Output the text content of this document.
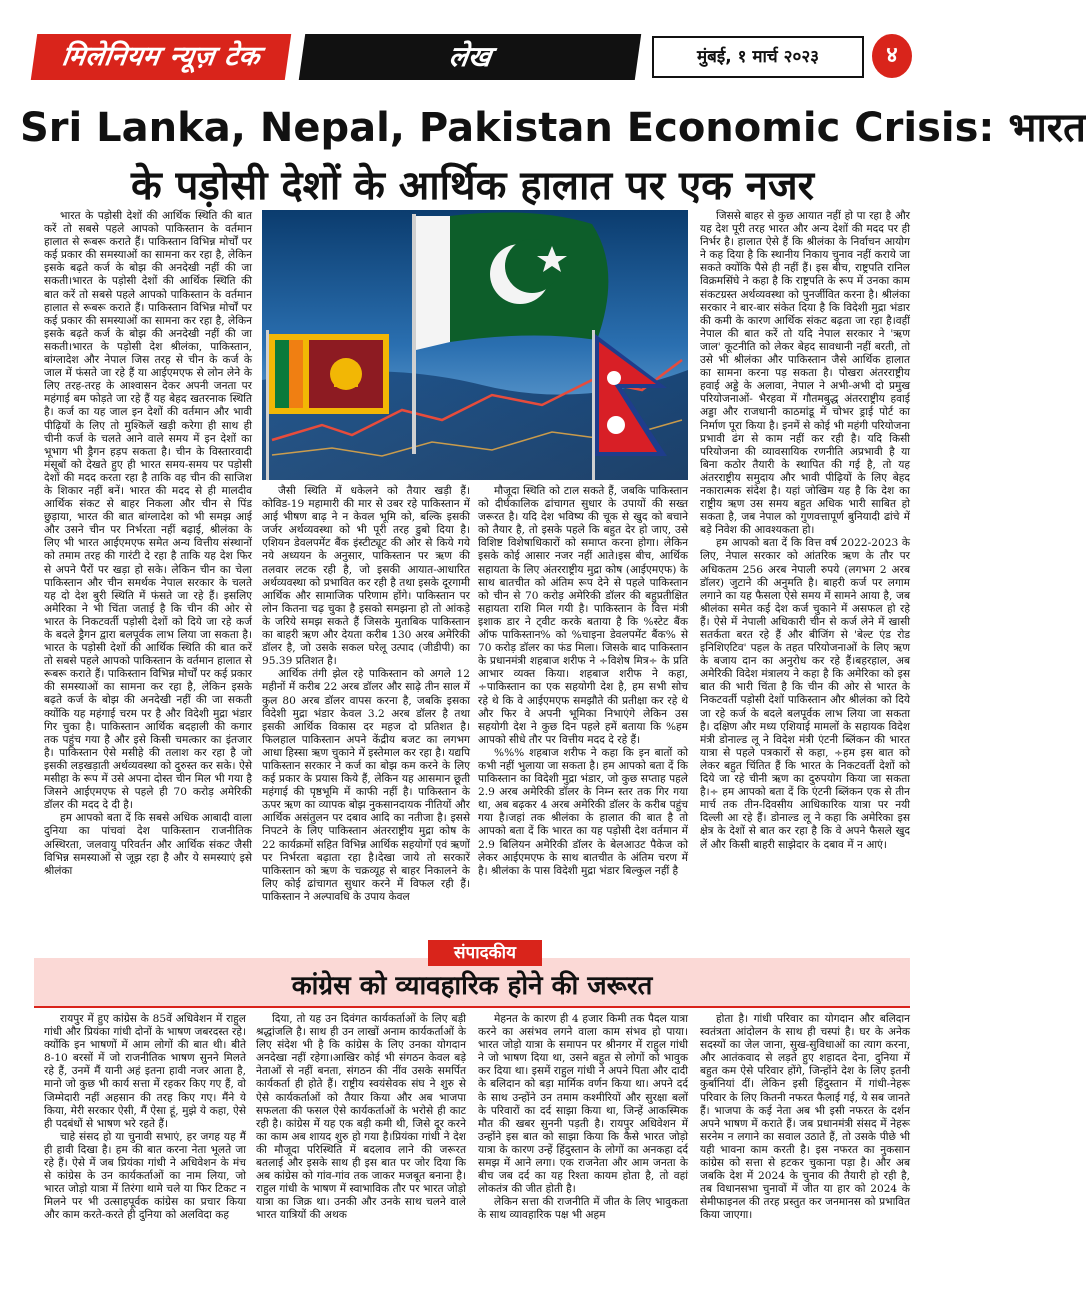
मिलेनियम न्यूज़ टेक	लेख	मुंबई, १ मार्च २०२३	४
Sri Lanka, Nepal, Pakistan Economic Crisis: भारत
के पड़ोसी देशों के आर्थिक हालात पर एक नजर

भारत के पड़ोसी देशों की आर्थिक स्थिति की बात करें तो सबसे पहले आपको पाकिस्तान के वर्तमान हालात से रूबरू कराते हैं। पाकिस्तान विभिन्न मोर्चों पर कई प्रकार की समस्याओं का सामना कर रहा है, लेकिन इसके बढ़ते कर्ज के बोझ की अनदेखी नहीं की जा सकती।भारत के पड़ोसी देशों की आर्थिक स्थिति की बात करें तो सबसे पहले आपको पाकिस्तान के वर्तमान हालात से रूबरू कराते हैं। पाकिस्तान विभिन्न मोर्चों पर कई प्रकार की समस्याओं का सामना कर रहा है, लेकिन इसके बढ़ते कर्ज के बोझ की अनदेखी नहीं की जा सकती।भारत के पड़ोसी देश श्रीलंका, पाकिस्तान, बांग्लादेश और नेपाल जिस तरह से चीन के कर्ज के जाल में फंसते जा रहे हैं या आईएमएफ से लोन लेने के लिए तरह-तरह के आश्वासन देकर अपनी जनता पर महंगाई बम फोड़ते जा रहे हैं यह बेहद खतरनाक स्थिति है। कर्ज का यह जाल इन देशों की वर्तमान और भावी पीढ़ियों के लिए तो मुश्किलें खड़ी करेगा ही साथ ही चीनी कर्ज के चलते आने वाले समय में इन देशों का भूभाग भी ड्रैगन हड़प सकता है। चीन के विस्तारवादी मंसूबों को देखते हुए ही भारत समय-समय पर पड़ोसी देशों की मदद करता रहा है ताकि वह चीन की साजिश के शिकार नहीं बनें। भारत की मदद से ही मालदीव आर्थिक संकट से बाहर निकला और चीन से पिंड छुड़ाया, भारत की बात बांग्लादेश को भी समझ आई और उसने चीन पर निर्भरता नहीं बढ़ाई, श्रीलंका के लिए भी भारत आईएमएफ समेत अन्य वित्तीय संस्थानों को तमाम तरह की गारंटी दे रहा है ताकि यह देश फिर से अपने पैरों पर खड़ा हो सके। लेकिन चीन का चेला पाकिस्तान और चीन समर्थक नेपाल सरकार के चलते यह दो देश बुरी स्थिति में फंसते जा रहे हैं। इसलिए अमेरिका ने भी चिंता जताई है कि चीन की ओर से भारत के निकटवर्ती पड़ोसी देशों को दिये जा रहे कर्ज के बदले ड्रैगन द्वारा बलपूर्वक लाभ लिया जा सकता है।भारत के पड़ोसी देशों की आर्थिक स्थिति की बात करें तो सबसे पहले आपको पाकिस्तान के वर्तमान हालात से रूबरू कराते हैं। पाकिस्तान विभिन्न मोर्चों पर कई प्रकार की समस्याओं का सामना कर रहा है, लेकिन इसके बढ़ते कर्ज के बोझ की अनदेखी नहीं की जा सकती क्योंकि यह महंगाई चरम पर है और विदेशी मुद्रा भंडार गिर चुका है। पाकिस्तान आर्थिक बदहाली की कगार तक पहुंच गया है और इसे किसी चमत्कार का इंतजार है। पाकिस्तान ऐसे मसीहे की तलाश कर रहा है जो इसकी लड़खड़ाती अर्थव्यवस्था को दुरुस्त कर सके। ऐसे मसीहा के रूप में उसे अपना दोस्त चीन मिल भी गया है जिसने आईएमएफ से पहले ही 70 करोड़ अमेरिकी डॉलर की मदद दे दी है।

हम आपको बता दें कि सबसे अधिक आबादी वाला दुनिया का पांचवां देश पाकिस्तान राजनीतिक अस्थिरता, जलवायु परिवर्तन और आर्थिक संकट जैसी विभिन्न समस्याओं से जूझ रहा है और ये समस्याएं इसे श्रीलंका

जैसी स्थिति में धकेलने को तैयार खड़ी हैं। कोविड-19 महामारी की मार से उबर रहे पाकिस्तान में आई भीषण बाढ़ ने न केवल भूमि को, बल्कि इसकी जर्जर अर्थव्यवस्था को भी पूरी तरह डुबो दिया है। एशियन डेवलपमेंट बैंक इंस्टीट्यूट की ओर से किये गये नये अध्ययन के अनुसार, पाकिस्तान पर ऋण की तलवार लटक रही है, जो इसकी आयात-आधारित अर्थव्यवस्था को प्रभावित कर रही है तथा इसके दूरगामी आर्थिक और सामाजिक परिणाम होंगे। पाकिस्तान पर लोन कितना चढ़ चुका है इसको समझना हो तो आंकड़े के जरिये समझ सकते हैं जिसके मुताबिक पाकिस्तान का बाहरी ऋण और देयता करीब 130 अरब अमेरिकी डॉलर है, जो उसके सकल घरेलू उत्पाद (जीडीपी) का 95.39 प्रतिशत है।

आर्थिक तंगी झेल रहे पाकिस्तान को अगले 12 महीनों में करीब 22 अरब डॉलर और साढ़े तीन साल में कुल 80 अरब डॉलर वापस करना है, जबकि इसका विदेशी मुद्रा भंडार केवल 3.2 अरब डॉलर है तथा इसकी आर्थिक विकास दर महज दो प्रतिशत है। फिलहाल पाकिस्तान अपने केंद्रीय बजट का लगभग आधा हिस्सा ऋण चुकाने में इस्तेमाल कर रहा है। यद्यपि पाकिस्तान सरकार ने कर्ज का बोझ कम करने के लिए कई प्रकार के प्रयास किये हैं, लेकिन यह आसमान छूती महंगाई की पृष्ठभूमि में काफी नहीं है। पाकिस्तान के ऊपर ऋण का व्यापक बोझ नुकसानदायक नीतियों और आर्थिक असंतुलन पर दबाव आदि का नतीजा है। इससे निपटने के लिए पाकिस्तान अंतरराष्ट्रीय मुद्रा कोष के 22 कार्यक्रमों सहित विभिन्न आर्थिक सहयोगों एवं ऋणों पर निर्भरता बढ़ाता रहा है।देखा जाये तो सरकारें पाकिस्तान को ऋण के चक्रव्यूह से बाहर निकालने के लिए कोई ढांचागत सुधार करने में विफल रही हैं। पाकिस्तान ने अल्पावधि के उपाय केवल

मौजूदा स्थिति को टाल सकते हैं, जबकि पाकिस्तान को दीर्घकालिक ढांचागत सुधार के उपायों की सख्त जरूरत है। यदि देश भविष्य की चूक से खुद को बचाने को तैयार है, तो इसके पहले कि बहुत देर हो जाए, उसे विशिष्ट विशेषाधिकारों को समाप्त करना होगा। लेकिन इसके कोई आसार नजर नहीं आते।इस बीच, आर्थिक सहायता के लिए अंतरराष्ट्रीय मुद्रा कोष (आईएमएफ) के साथ बातचीत को अंतिम रूप देने से पहले पाकिस्तान को चीन से 70 करोड़ अमेरिकी डॉलर की बहुप्रतीक्षित सहायता राशि मिल गयी है। पाकिस्तान के वित्त मंत्री इशाक डार ने ट्वीट करके बताया है कि %स्टेट बैंक ऑफ पाकिस्तान% को %चाइना डेवलपमेंट बैंक% से 70 करोड़ डॉलर का फंड मिला। जिसके बाद पाकिस्तान के प्रधानमंत्री शहबाज शरीफ ने ÷विशेष मित्र÷ के प्रति आभार व्यक्त किया। शहबाज शरीफ ने कहा, ÷पाकिस्तान का एक सहयोगी देश है, हम सभी सोच रहे थे कि वे आईएमएफ समझौते की प्रतीक्षा कर रहे थे और फिर वे अपनी भूमिका निभाएंगे लेकिन उस सहयोगी देश ने कुछ दिन पहले हमें बताया कि %हम आपको सीधे तौर पर वित्तीय मदद दे रहे हैं।

%%% शहबाज शरीफ ने कहा कि इन बातों को कभी नहीं भुलाया जा सकता है। हम आपको बता दें कि पाकिस्तान का विदेशी मुद्रा भंडार, जो कुछ सप्ताह पहले 2.9 अरब अमेरिकी डॉलर के निम्न स्तर तक गिर गया था, अब बढ़कर 4 अरब अमेरिकी डॉलर के करीब पहुंच गया है।जहां तक श्रीलंका के हालात की बात है तो आपको बता दें कि भारत का यह पड़ोसी देश वर्तमान में 2.9 बिलियन अमेरिकी डॉलर के बेलआउट पैकेज को लेकर आईएमएफ के साथ बातचीत के अंतिम चरण में है। श्रीलंका के पास विदेशी मुद्रा भंडार बिल्कुल नहीं है

जिससे बाहर से कुछ आयात नहीं हो पा रहा है और यह देश पूरी तरह भारत और अन्य देशों की मदद पर ही निर्भर है। हालात ऐसे हैं कि श्रीलंका के निर्वाचन आयोग ने कह दिया है कि स्थानीय निकाय चुनाव नहीं कराये जा सकते क्योंकि पैसे ही नहीं हैं। इस बीच, राष्ट्रपति रानिल विक्रमसिंघे ने कहा है कि राष्ट्रपति के रूप में उनका काम संकटग्रस्त अर्थव्यवस्था को पुनर्जीवित करना है। श्रीलंका सरकार ने बार-बार संकेत दिया है कि विदेशी मुद्रा भंडार की कमी के कारण आर्थिक संकट बढ़ता जा रहा है।वहीं नेपाल की बात करें तो यदि नेपाल सरकार ने 'ऋण जाल' कूटनीति को लेकर बेहद सावधानी नहीं बरती, तो उसे भी श्रीलंका और पाकिस्तान जैसे आर्थिक हालात का सामना करना पड़ सकता है। पोखरा अंतरराष्ट्रीय हवाई अड्डे के अलावा, नेपाल ने अभी-अभी दो प्रमुख परियोजनाओं- भैरहवा में गौतमबुद्ध अंतरराष्ट्रीय हवाई अड्डा और राजधानी काठमांडू में चोभर ड्राई पोर्ट का निर्माण पूरा किया है। इनमें से कोई भी महंगी परियोजना प्रभावी ढंग से काम नहीं कर रही है। यदि किसी परियोजना की व्यावसायिक रणनीति अप्रभावी है या बिना कठोर तैयारी के स्थापित की गई है, तो यह अंतरराष्ट्रीय समुदाय और भावी पीढ़ियों के लिए बेहद नकारात्मक संदेश है। यहां जोखिम यह है कि देश का राष्ट्रीय ऋण उस समय बहुत अधिक भारी साबित हो सकता है, जब नेपाल को गुणवत्तापूर्ण बुनियादी ढांचे में बड़े निवेश की आवश्यकता हो।

हम आपको बता दें कि वित्त वर्ष 2022-2023 के लिए, नेपाल सरकार को आंतरिक ऋण के तौर पर अधिकतम 256 अरब नेपाली रुपये (लगभग 2 अरब डॉलर) जुटाने की अनुमति है। बाहरी कर्ज पर लगाम लगाने का यह फैसला ऐसे समय में सामने आया है, जब श्रीलंका समेत कई देश कर्ज चुकाने में असफल हो रहे हैं। ऐसे में नेपाली अधिकारी चीन से कर्ज लेने में खासी सतर्कता बरत रहे हैं और बीजिंग से 'बेल्ट एंड रोड इनिशिएटिव' पहल के तहत परियोजनाओं के लिए ऋण के बजाय दान का अनुरोध कर रहे हैं।बहरहाल, अब अमेरिकी विदेश मंत्रालय ने कहा है कि अमेरिका को इस बात की भारी चिंता है कि चीन की ओर से भारत के निकटवर्ती पड़ोसी देशों पाकिस्तान और श्रीलंका को दिये जा रहे कर्ज के बदले बलपूर्वक लाभ लिया जा सकता है। दक्षिण और मध्य एशियाई मामलों के सहायक विदेश मंत्री डोनाल्ड लू ने विदेश मंत्री एंटनी ब्लिंकन की भारत यात्रा से पहले पत्रकारों से कहा, ÷हम इस बात को लेकर बहुत चिंतित हैं कि भारत के निकटवर्ती देशों को दिये जा रहे चीनी ऋण का दुरुपयोग किया जा सकता है।÷ हम आपको बता दें कि एंटनी ब्लिंकन एक से तीन मार्च तक तीन-दिवसीय आधिकारिक यात्रा पर नयी दिल्ली आ रहे हैं। डोनाल्ड लू ने कहा कि अमेरिका इस क्षेत्र के देशों से बात कर रहा है कि वे अपने फैसले खुद लें और किसी बाहरी साझेदार के दबाव में न आएं।

संपादकीय
कांग्रेस को व्यावहारिक होने की जरूरत

रायपुर में हुए कांग्रेस के 85वें अधिवेशन में राहुल गांधी और प्रियंका गांधी दोनों के भाषण जबरदस्त रहे। क्योंकि इन भाषणों में आम लोगों की बात थी। बीते 8-10 बरसों में जो राजनीतिक भाषण सुनने मिलते रहे हैं, उनमें मैं यानी अहं इतना हावी नजर आता है, मानो जो कुछ भी कार्य सत्ता में रहकर किए गए हैं, वो जिम्मेदारी नहीं अहसान की तरह किए गए। मैंने ये किया, मेरी सरकार ऐसी, मैं ऐसा हूं, मुझे ये कहा, ऐसे ही पदबंधों से भाषण भरे रहते हैं।

चाहे संसद हो या चुनावी सभाएं, हर जगह यह मैं ही हावी दिखा है। हम की बात करना नेता भूलते जा रहे हैं। ऐसे में जब प्रियंका गांधी ने अधिवेशन के मंच से कांग्रेस के उन कार्यकर्ताओं का नाम लिया, जो भारत जोड़ो यात्रा में तिरंगा थामे चले या फिर टिकट न मिलने पर भी उत्साहपूर्वक कांग्रेस का प्रचार किया और काम करते-करते ही दुनिया को अलविदा कह

दिया, तो यह उन दिवंगत कार्यकर्ताओं के लिए बड़ी श्रद्धांजलि है। साथ ही उन लाखों अनाम कार्यकर्ताओं के लिए संदेश भी है कि कांग्रेस के लिए उनका योगदान अनदेखा नहीं रहेगा।आखिर कोई भी संगठन केवल बड़े नेताओं से नहीं बनता, संगठन की नींव उसके समर्पित कार्यकर्ता ही होते हैं। राष्ट्रीय स्वयंसेवक संघ ने शुरु से ऐसे कार्यकर्ताओं को तैयार किया और अब भाजपा सफलता की फसल ऐसे कार्यकर्ताओं के भरोसे ही काट रही है। कांग्रेस में यह एक बड़ी कमी थी, जिसे दूर करने का काम अब शायद शुरु हो गया है।प्रियंका गांधी ने देश की मौजूदा परिस्थिति में बदलाव लाने की जरूरत बतलाई और इसके साथ ही इस बात पर जोर दिया कि अब कांग्रेस को गांव-गांव तक जाकर मजबूत बनाना है। राहुल गांधी के भाषण में स्वाभाविक तौर पर भारत जोड़ो यात्रा का जिक्र था। उनकी और उनके साथ चलने वाले भारत यात्रियों की अथक

मेहनत के कारण ही 4 हजार किमी तक पैदल यात्रा करने का असंभव लगने वाला काम संभव हो पाया। भारत जोड़ो यात्रा के समापन पर श्रीनगर में राहुल गांधी ने जो भाषण दिया था, उसने बहुत से लोगों को भावुक कर दिया था। इसमें राहुल गांधी ने अपने पिता और दादी के बलिदान को बड़ा मार्मिक वर्णन किया था। अपने दर्द के साथ उन्होंने उन तमाम कश्मीरियों और सुरक्षा बलों के परिवारों का दर्द साझा किया था, जिन्हें आकस्मिक मौत की खबर सुननी पड़ती है। रायपुर अधिवेशन में उन्होंने इस बात को साझा किया कि कैसे भारत जोड़ो यात्रा के कारण उन्हें हिंदुस्तान के लोगों का अनकहा दर्द समझ में आने लगा। एक राजनेता और आम जनता के बीच जब दर्द का यह रिश्ता कायम होता है, तो वहां लोकतंत्र की जीत होती है।

लेकिन सत्ता की राजनीति में जीत के लिए भावुकता के साथ व्यावहारिक पक्ष भी अहम

होता है। गांधी परिवार का योगदान और बलिदान स्वतंत्रता आंदोलन के साथ ही चस्पां है। घर के अनेक सदस्यों का जेल जाना, सुख-सुविधाओं का त्याग करना, और आतंकवाद से लड़ते हुए शहादत देना, दुनिया में बहुत कम ऐसे परिवार होंगे, जिन्होंने देश के लिए इतनी कुर्बानियां दीं। लेकिन इसी हिंदुस्तान में गांधी-नेहरू परिवार के लिए कितनी नफरत फैलाई गई, ये सब जानते हैं। भाजपा के कई नेता अब भी इसी नफरत के दर्शन अपने भाषण में कराते हैं। जब प्रधानमंत्री संसद में नेहरू सरनेम न लगाने का सवाल उठाते हैं, तो उसके पीछे भी यही भावना काम करती है। इस नफरत का नुकसान कांग्रेस को सत्ता से हटकर चुकाना पड़ा है। और अब जबकि देश में 2024 के चुनाव की तैयारी हो रही है, तब विधानसभा चुनावों में जीत या हार को 2024 के सेमीफाइनल की तरह प्रस्तुत कर जनमानस को प्रभावित किया जाएगा।
